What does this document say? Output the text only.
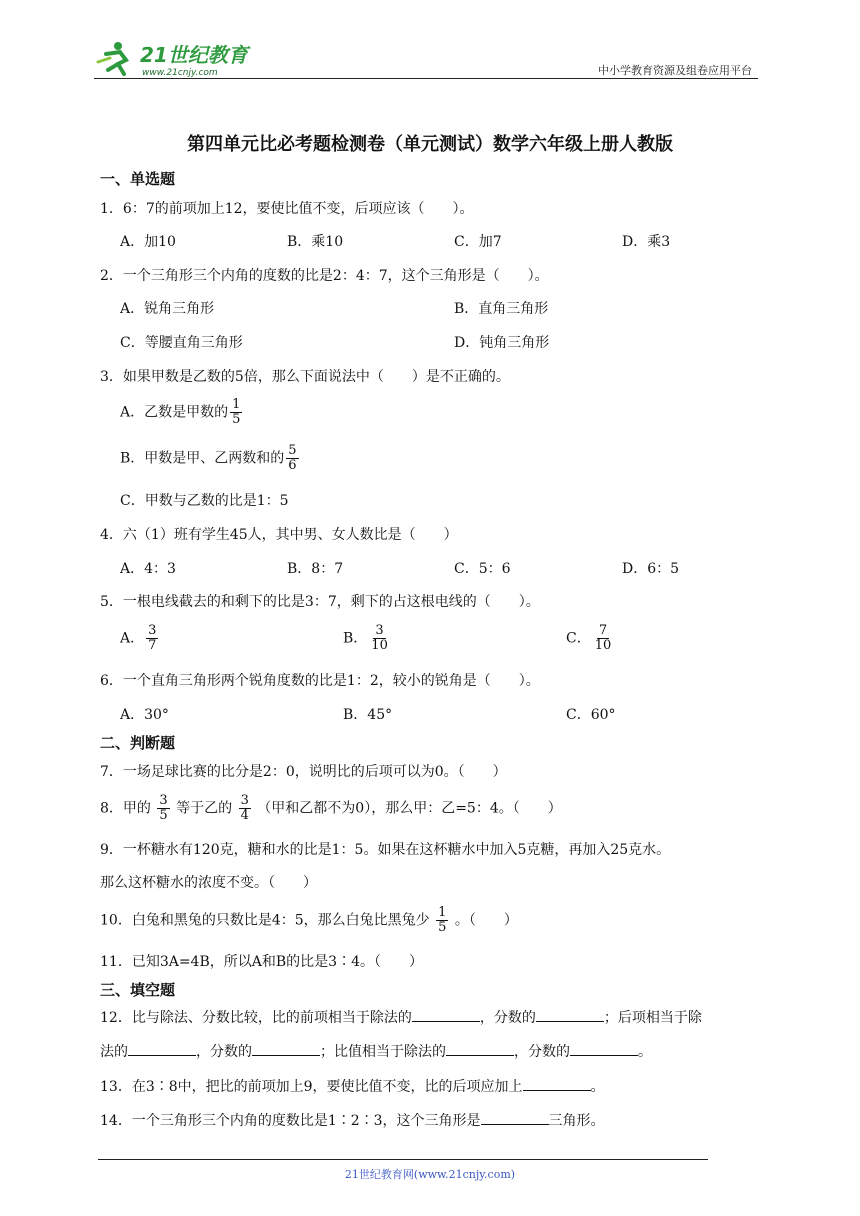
21世纪教育
www.21cnjy.com	中小学教育资源及组卷应用平台
第四单元比必考题检测卷（单元测试）数学六年级上册人教版
一、单选题
1．6：7的前项加上12，要使比值不变，后项应该（　　）。
A．加10	B．乘10	C．加7	D．乘3
2．一个三角形三个内角的度数的比是2：4：7，这个三角形是（　　）。
A．锐角三角形	B．直角三角形
C．等腰直角三角形	D．钝角三角形
3．如果甲数是乙数的5倍，那么下面说法中（　　）是不正确的。
A．乙数是甲数的 $\frac{1}{5}$
B．甲数是甲、乙两数和的 $\frac{5}{6}$
C．甲数与乙数的比是1：5
4．六（1）班有学生45人，其中男、女人数比是（　　）
A．4：3	B．8：7	C．5：6	D．6：5
5．一根电线截去的和剩下的比是3：7，剩下的占这根电线的（　　）。
A． $\frac{3}{7}$	B． $\frac{3}{10}$	C． $\frac{7}{10}$
6．一个直角三角形两个锐角度数的比是1：2，较小的锐角是（　　）。
A．30°	B．45°	C．60°
二、判断题
7．一场足球比赛的比分是2：0，说明比的后项可以为0。（　　）
8．甲的 $\frac{3}{5}$ 等于乙的 $\frac{3}{4}$ （甲和乙都不为0），那么甲：乙=5：4。（　　）
9．一杯糖水有120克，糖和水的比是1：5。如果在这杯糖水中加入5克糖，再加入25克水。
那么这杯糖水的浓度不变。（　　）
10．白兔和黑兔的只数比是4：5，那么白兔比黑兔少 $\frac{1}{5}$ 。（　　）
11．已知3A=4B，所以A和B的比是3∶4。（　　）
三、填空题
12．比与除法、分数比较，比的前项相当于除法的	，分数的	；后项相当于除
法的	，分数的	；比值相当于除法的	，分数的	。
13．在3∶8中，把比的前项加上9，要使比值不变，比的后项应加上	。
14．一个三角形三个内角的度数比是1∶2∶3，这个三角形是	三角形。
21世纪教育网(www.21cnjy.com)
